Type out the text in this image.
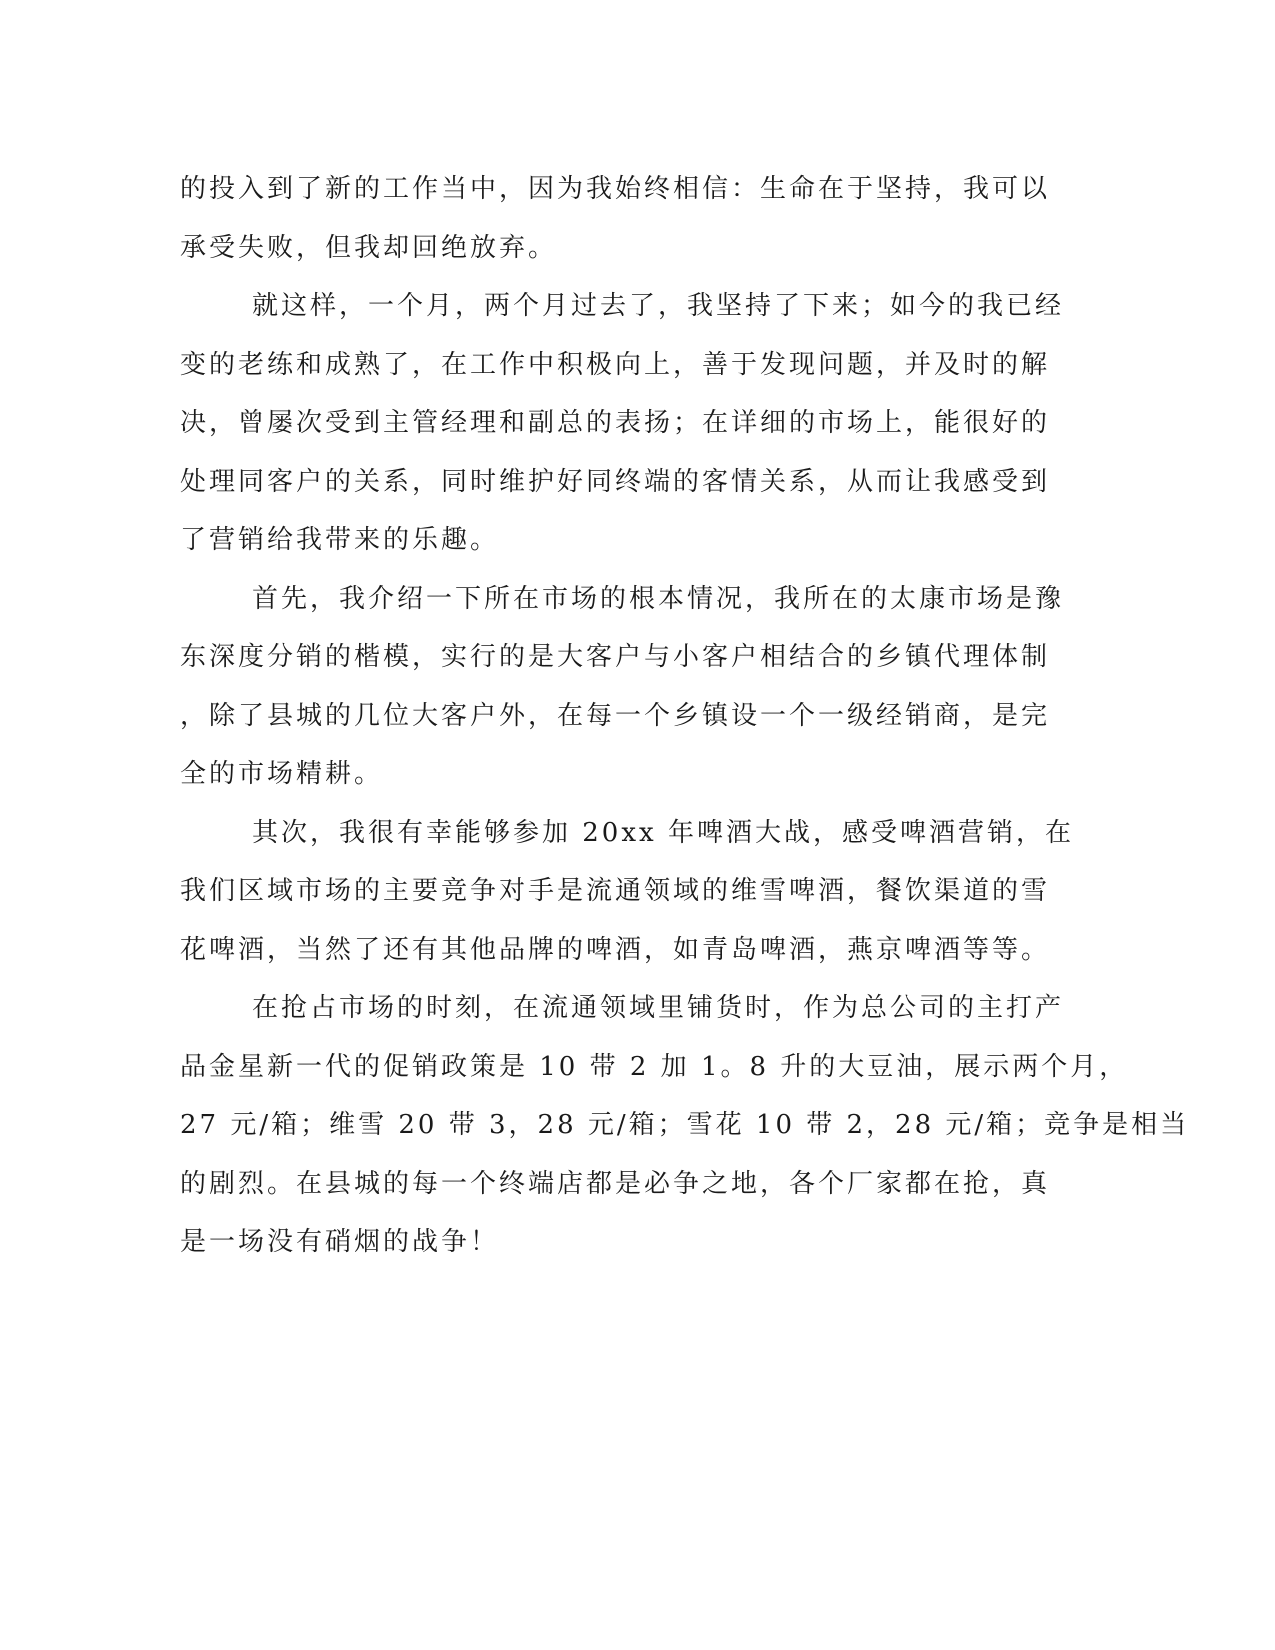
的投入到了新的工作当中，因为我始终相信：生命在于坚持，我可以
承受失败，但我却回绝放弃。

就这样，一个月，两个月过去了，我坚持了下来；如今的我已经
变的老练和成熟了，在工作中积极向上，善于发现问题，并及时的解
决，曾屡次受到主管经理和副总的表扬；在详细的市场上，能很好的
处理同客户的关系，同时维护好同终端的客情关系，从而让我感受到
了营销给我带来的乐趣。

首先，我介绍一下所在市场的根本情况，我所在的太康市场是豫
东深度分销的楷模，实行的是大客户与小客户相结合的乡镇代理体制
，除了县城的几位大客户外，在每一个乡镇设一个一级经销商，是完
全的市场精耕。

其次，我很有幸能够参加 20xx 年啤酒大战，感受啤酒营销，在
我们区域市场的主要竞争对手是流通领域的维雪啤酒，餐饮渠道的雪
花啤酒，当然了还有其他品牌的啤酒，如青岛啤酒，燕京啤酒等等。

在抢占市场的时刻，在流通领域里铺货时，作为总公司的主打产
品金星新一代的促销政策是 10 带 2 加 1。8 升的大豆油，展示两个月，
27 元/箱；维雪 20 带 3，28 元/箱；雪花 10 带 2，28 元/箱；竞争是相当
的剧烈。在县城的每一个终端店都是必争之地，各个厂家都在抢，真
是一场没有硝烟的战争！
